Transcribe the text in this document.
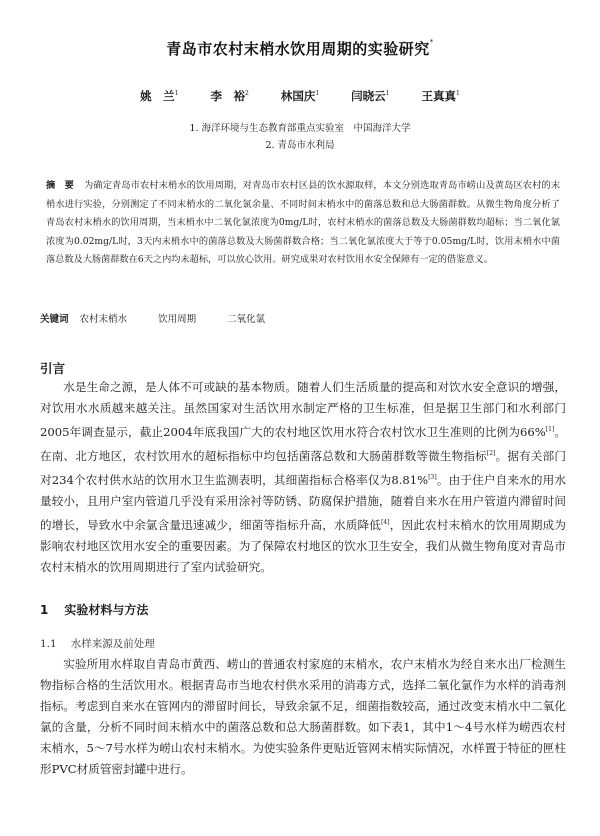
青岛市农村末梢水饮用周期的实验研究*
姚　兰$^1$	李　裕$^2$	林国庆$^1$	闫晓云$^1$	王真真$^1$
1. 海洋环境与生态教育部重点实验室　中国海洋大学
2. 青岛市水利局
摘　要 为确定青岛市农村末梢水的饮用周期，对青岛市农村区县的饮水源取样，本文分别选取青岛市崂山及黄岛区农村的末梢水进行实验，分别测定了不同末梢水的二氧化氯余量、不同时间末梢水中的菌落总数和总大肠菌群数。从微生物角度分析了青岛农村末梢水的饮用周期，当末梢水中二氧化氯浓度为0mg/L时，农村末梢水的菌落总数及大肠菌群数均超标；当二氧化氯浓度为0.02mg/L时，3天内末梢水中的菌落总数及大肠菌群数合格；当二氧化氯浓度大于等于0.05mg/L时，饮用末梢水中菌落总数及大肠菌群数在6天之内均未超标，可以放心饮用。研究成果对农村饮用水安全保障有一定的借鉴意义。
关键词 农村末梢水	饮用周期	二氧化氯
引言
水是生命之源，是人体不可或缺的基本物质。随着人们生活质量的提高和对饮水安全意识的增强，对饮用水水质越来越关注。虽然国家对生活饮用水制定严格的卫生标准，但是据卫生部门和水利部门2005年调查显示，截止2004年底我国广大的农村地区饮用水符合农村饮水卫生准则的比例为66%[1]。在南、北方地区，农村饮用水的超标指标中均包括菌落总数和大肠菌群数等微生物指标[2]。据有关部门对234个农村供水站的饮用水卫生监测表明，其细菌指标合格率仅为8.81%[3]。由于住户自来水的用水量较小，且用户室内管道几乎没有采用涂衬等防锈、防腐保护措施，随着自来水在用户管道内滞留时间的增长，导致水中余氯含量迅速减少，细菌等指标升高，水质降低[4]，因此农村末梢水的饮用周期成为影响农村地区饮用水安全的重要因素。为了保障农村地区的饮水卫生安全，我们从微生物角度对青岛市农村末梢水的饮用周期进行了室内试验研究。
1 实验材料与方法
1.1 水样来源及前处理
实验所用水样取自青岛市黄西、崂山的普通农村家庭的末梢水，农户末梢水为经自来水出厂检测生物指标合格的生活饮用水。根据青岛市当地农村供水采用的消毒方式，选择二氧化氯作为水样的消毒剂指标。考虑到自来水在管网内的滞留时间长，导致余氯不足，细菌指数较高，通过改变末梢水中二氧化氯的含量，分析不同时间末梢水中的菌落总数和总大肠菌群数。如下表1，其中1～4号水样为崂西农村末梢水，5～7号水样为崂山农村末梢水。为使实验条件更贴近管网末梢实际情况，水样置于特征的匣柱形PVC材质管密封罐中进行。
